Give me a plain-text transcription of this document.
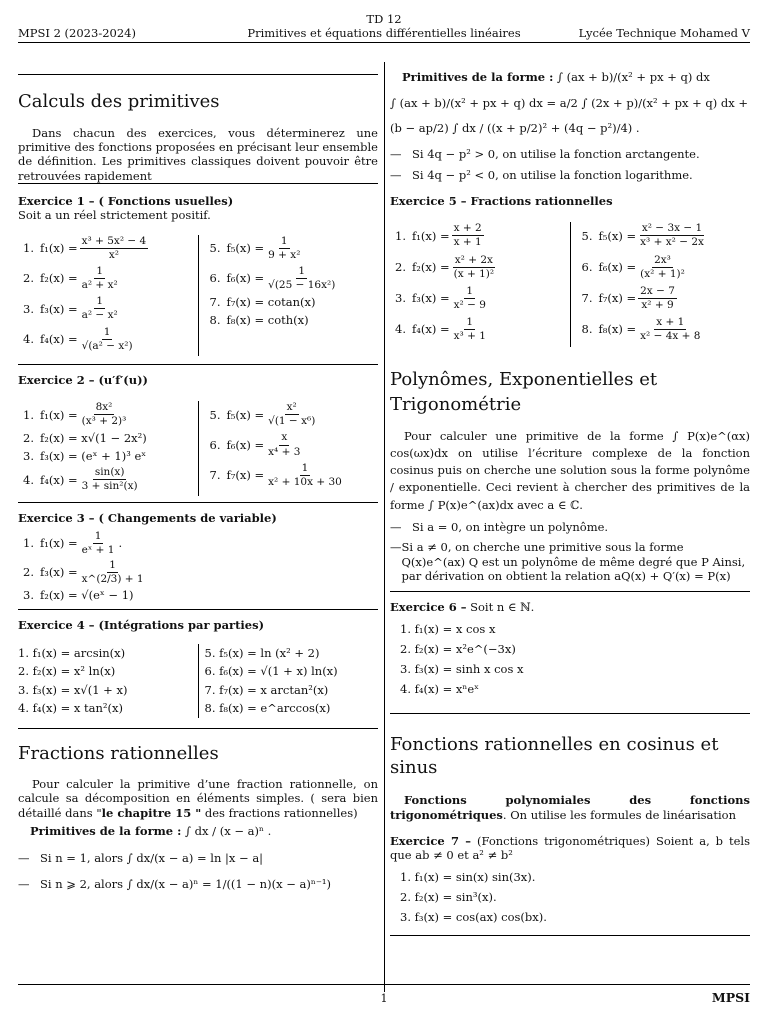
MPSI 2 (2023-2024)
TD 12
Primitives et équations différentielles linéaires	Lycée Technique Mohamed V
Calculs des primitives

Dans chacun des exercices, vous déterminerez une primitive des fonctions proposées en précisant leur ensemble de définition. Les primitives classiques doivent pouvoir être retrouvées rapidement

Exercice 1 – ( Fonctions usuelles)
Soit a un réel strictement positif.
1. $f_1(x) = \frac{\text{x³ + 5x² − 4}}{\text{x²}}$
2. $f_2(x) = \frac{1}{\text{a² + x²}}$
3. $f_3(x) = \frac{1}{\text{a² − x²}}$
4. $f_4(x) = \frac{1}{\text{√(a² − x²)}}$
5. $f_5(x) = \frac{1}{\text{9 + x²}}$
6. $f_6(x) = \frac{1}{\text{√(25 − 16x²)}}$
7. f₇(x) = cotan(x)
8. f₈(x) = coth(x)
Exercice 2 – (u′f′(u))
1. $f_1(x) = \frac{\text{8x²}}{\text{(x³ + 2)³}}$
2. f₂(x) = x√(1 − 2x²)
3. f₃(x) = (eˣ + 1)³ eˣ
4. $f_4(x) = \frac{\sin(x)}{\text{3 + sin²(x)}}$
5. $f_5(x) = \frac{\text{x²}}{\text{√(1 − x⁶)}}$
6. $f_6(x) = \frac{x}{\text{x⁴ + 3}}$
7. $f_7(x) = \frac{1}{\text{x² + 10x + 30}}$
Exercice 3 – ( Changements de variable)
1. $f_1(x) = \frac{1}{\text{eˣ + 1}}$ .
2. $f_3(x) = \frac{1}{x\^{}(2/3) + 1}$
3. f₂(x) = √(eˣ − 1)
Exercice 4 – (Intégrations par parties)
1. f₁(x) = arcsin(x)
2. f₂(x) = x² ln(x)
3. f₃(x) = x√(1 + x)
4. f₄(x) = x tan²(x)
5. f₅(x) = ln (x² + 2)
6. f₆(x) = √(1 + x) ln(x)
7. f₇(x) = x arctan²(x)
8. f₈(x) = e^arccos(x)
Fractions rationnelles

Pour calculer la primitive d’une fraction rationnelle, on calcule sa décomposition en éléments simples. ( sera bien détaillé dans "le chapitre 15 " des fractions rationnelles)

Primitives de la forme : ∫ dx / (x − a)ⁿ .
— Si n = 1, alors ∫ dx/(x − a) = ln |x − a|
— Si n ⩾ 2, alors ∫ dx/(x − a)ⁿ = 1/((1 − n)(x − a)ⁿ⁻¹)
Primitives de la forme : ∫ (ax + b)/(x² + px + q) dx
∫ (ax + b)/(x² + px + q) dx = a/2 ∫ (2x + p)/(x² + px + q) dx +
(b − ap/2) ∫ dx / ((x + p/2)² + (4q − p²)/4) .
— Si 4q − p² > 0, on utilise la fonction arctangente.
— Si 4q − p² < 0, on utilise la fonction logarithme.
Exercice 5 – Fractions rationnelles
1. $f_1(x) = \frac{x + 2}{x + 1}$
2. $f_2(x) = \frac{\text{x² + 2x}}{\text{(x + 1)²}}$
3. $f_3(x) = \frac{1}{\text{x² − 9}}$
4. $f_4(x) = \frac{1}{\text{x³ + 1}}$
5. $f_5(x) = \frac{\text{x² − 3x − 1}}{\text{x³ + x² − 2x}}$
6. $f_6(x) = \frac{\text{2x³}}{\text{(x² + 1)²}}$
7. $f_7(x) = \frac{2x - 7}{\text{x² + 9}}$
8. $f_8(x) = \frac{x + 1}{\text{x² − 4x + 8}}$
Polynômes, Exponentielles et Trigonométrie

Pour calculer une primitive de la forme ∫ P(x)e^(αx) cos(ωx)dx on utilise l’écriture complexe de la fonction cosinus puis on cherche une solution sous la forme polynôme / exponentielle. Ceci revient à chercher des primitives de la forme ∫ P(x)e^(ax)dx avec a ∈ ℂ.

— Si a = 0, on intègre un polynôme.
— Si a ≠ 0, on cherche une primitive sous la forme Q(x)e^(ax) Q est un polynôme de même degré que P Ainsi, par dérivation on obtient la relation aQ(x) + Q′(x) = P(x)
Exercice 6 – Soit n ∈ ℕ.
1. f₁(x) = x cos x
2. f₂(x) = x²e^(−3x)
3. f₃(x) = sinh x cos x
4. f₄(x) = xⁿeˣ
Fonctions rationnelles en cosinus et sinus

Fonctions polynomiales des fonctions trigonométriques. On utilise les formules de linéarisation

Exercice 7 – (Fonctions trigonométriques) Soient a, b tels que ab ≠ 0 et a² ≠ b²
1. f₁(x) = sin(x) sin(3x).
2. f₂(x) = sin³(x).
3. f₃(x) = cos(ax) cos(bx).
1	MPSI
